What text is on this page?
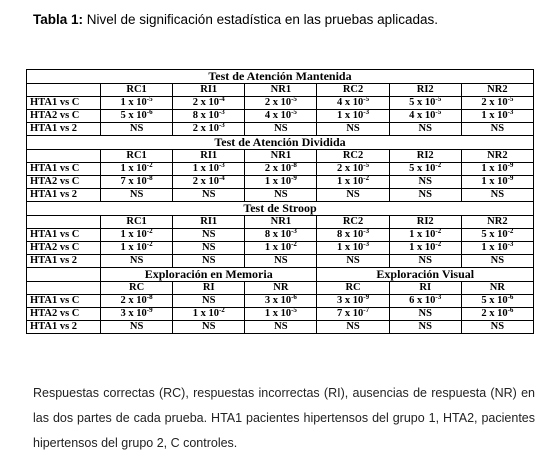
Tabla 1: Nivel de significación estadística en las pruebas aplicadas.
Test de Atención Mantenida						
	RC1	RI1	NR1	RC2	RI2	NR2
HTA1 vs C	1 x $10^{-5}$	2 x $10^{-4}$	2 x $10^{-5}$	4 x $10^{-5}$	5 x $10^{-5}$	2 x $10^{-5}$
HTA2 vs C	5 x $10^{-6}$	8 x $10^{-3}$	4 x $10^{-5}$	1 x $10^{-3}$	4 x $10^{-5}$	1 x $10^{-3}$
HTA1 vs 2	NS	2 x $10^{-3}$	NS	NS	NS	NS
Test de Atención Dividida						
	RC1	RI1	NR1	RC2	RI2	NR2
HTA1 vs C	1 x $10^{-2}$	1 x $10^{-3}$	2 x $10^{-8}$	2 x $10^{-5}$	5 x $10^{-2}$	1 x $10^{-9}$
HTA2 vs C	7 x $10^{-8}$	2 x $10^{-4}$	1 x $10^{-9}$	1 x $10^{-2}$	NS	1 x $10^{-9}$
HTA1 vs 2	NS	NS	NS	NS	NS	NS
Test de Stroop						
	RC1	RI1	NR1	RC2	RI2	NR2
HTA1 vs C	1 x $10^{-2}$	NS	8 x $10^{-3}$	8 x $10^{-3}$	1 x $10^{-2}$	5 x $10^{-2}$
HTA2 vs C	1 x $10^{-2}$	NS	1 x $10^{-2}$	1 x $10^{-3}$	1 x $10^{-2}$	1 x $10^{-3}$
HTA1 vs 2	NS	NS	NS	NS	NS	NS
	Exploración en Memoria			Exploración Visual		
	RC	RI	NR	RC	RI	NR
HTA1 vs C	2 x $10^{-8}$	NS	3 x $10^{-6}$	3 x $10^{-9}$	6 x $10^{-3}$	5 x $10^{-6}$
HTA2 vs C	3 x $10^{-9}$	1 x $10^{-2}$	1 x $10^{-5}$	7 x $10^{-7}$	NS	2 x $10^{-6}$
HTA1 vs 2	NS	NS	NS	NS	NS	NS
Respuestas correctas (RC), respuestas incorrectas (RI), ausencias de respuesta (NR) en las dos partes de cada prueba. HTA1 pacientes hipertensos del grupo 1, HTA2, pacientes hipertensos del grupo 2, C controles.
